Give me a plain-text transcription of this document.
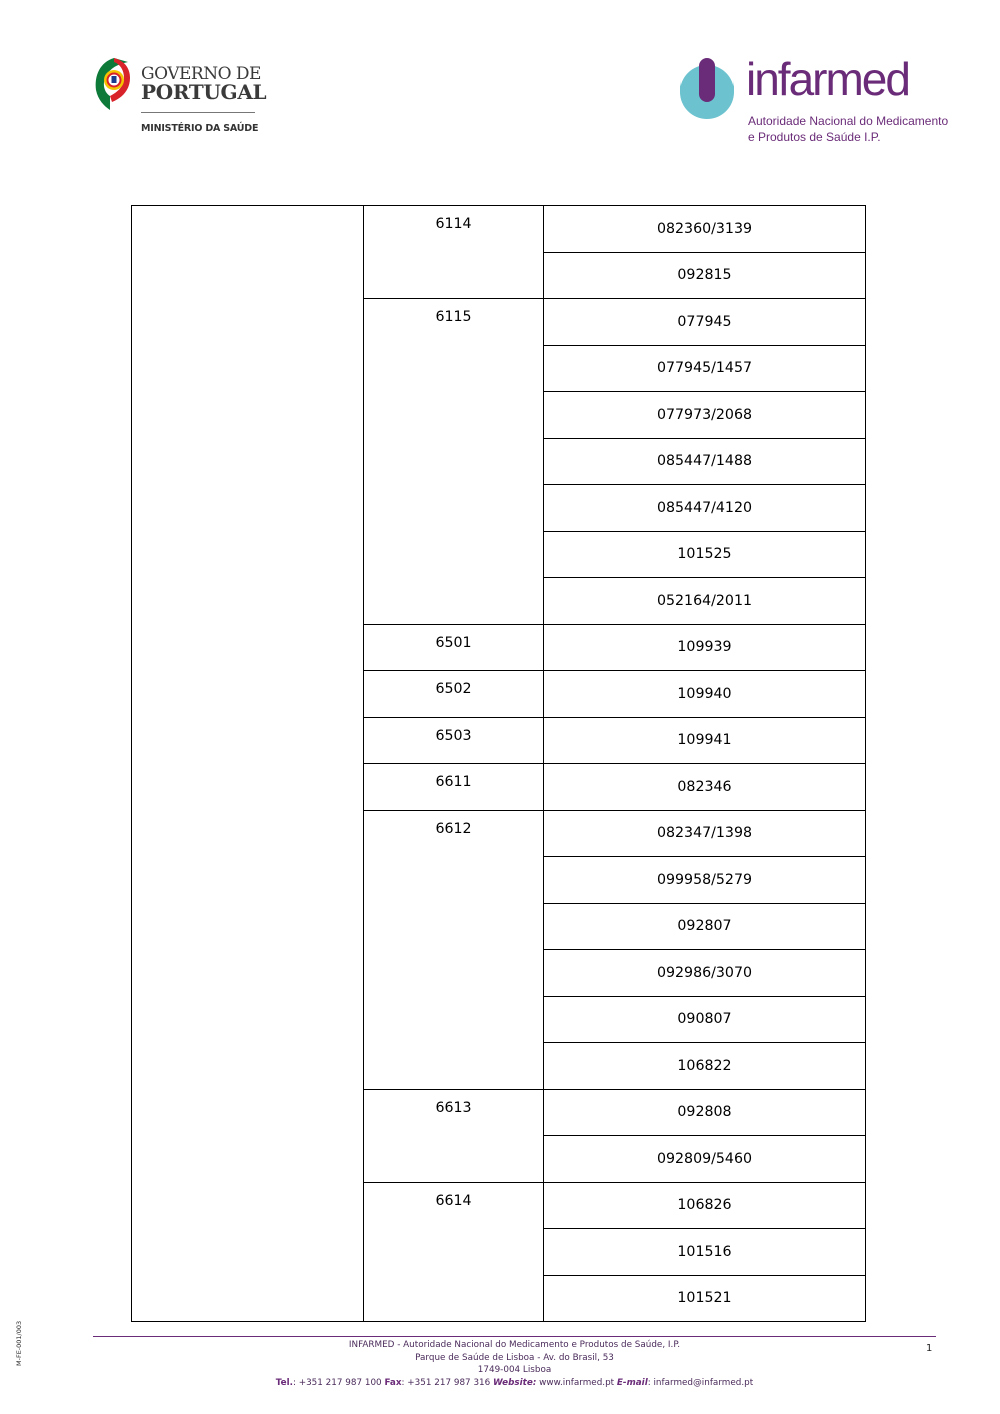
GOVERNO DE
PORTUGAL
MINISTÉRIO DA SAÚDE
infarmed
Autoridade Nacional do Medicamento
e Produtos de Saúde I.P.
	6114	082360/3139
		092815
	6115	077945
		077945/1457
		077973/2068
		085447/1488
		085447/4120
		101525
		052164/2011
	6501	109939
	6502	109940
	6503	109941
	6611	082346
	6612	082347/1398
		099958/5279
		092807
		092986/3070
		090807
		106822
	6613	092808
		092809/5460
	6614	106826
		101516
		101521
INFARMED - Autoridade Nacional do Medicamento e Produtos de Saúde, I.P.
Parque de Saúde de Lisboa - Av. do Brasil, 53
1749-004 Lisboa
Tel.: +351 217 987 100 Fax: +351 217 987 316 Website: www.infarmed.pt E-mail: infarmed@infarmed.pt
1
M-FE-001/003
